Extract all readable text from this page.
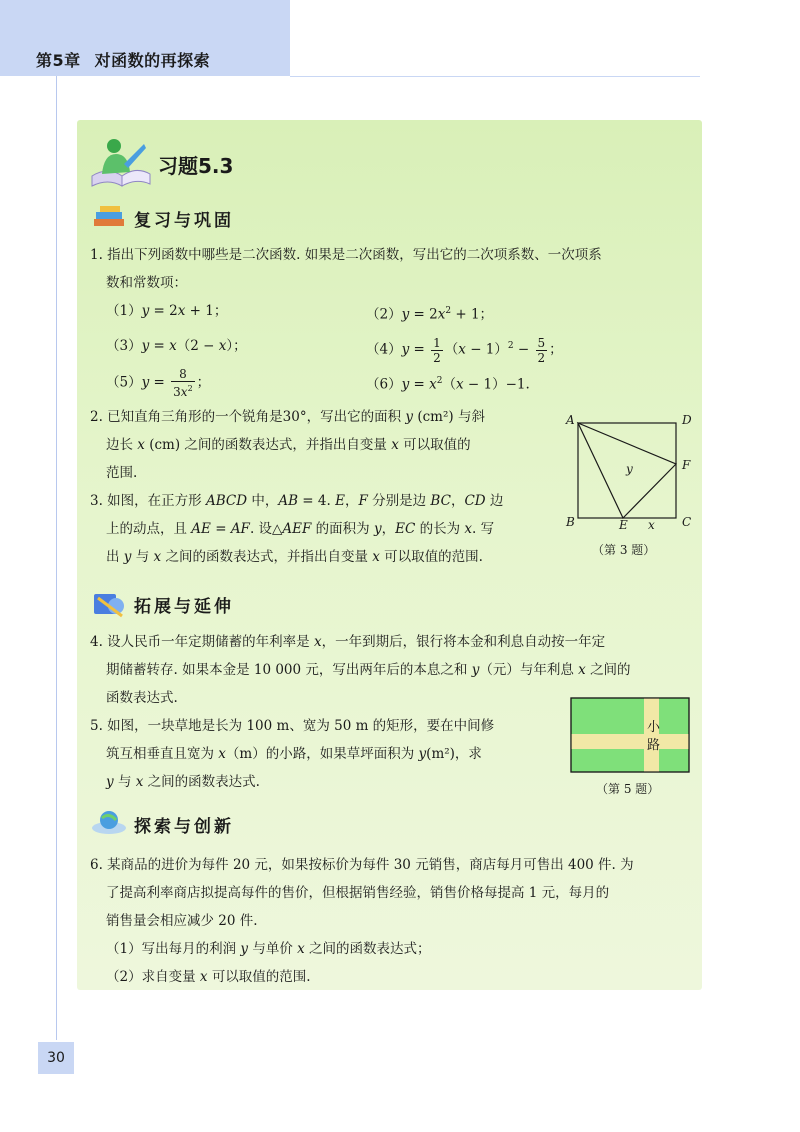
第5章 对函数的再探索
习题5.3
复习与巩固
1. 指出下列函数中哪些是二次函数. 如果是二次函数，写出它的二次项系数、一次项系
数和常数项：
（1）y = 2x + 1；	$(2)y = 2x^2 + 1$；
（3）y = x（2 − x）；	$(4)y = \frac{1}{2} (x - 1)^2 - \frac{5}{2}$ ；
$(5)y = \frac{8}{3x^2}$ ；	$(6)y = x^2(x - 1)-1$.
2. 已知直角三角形的一个锐角是30°，写出它的面积 y (cm²) 与斜
边长 x (cm) 之间的函数表达式，并指出自变量 x 可以取值的
范围.
3. 如图，在正方形 ABCD 中，AB = 4. E，F 分别是边 BC，CD 边
上的动点，且 AE = AF. 设△AEF 的面积为 y，EC 的长为 x. 写
出 y 与 x 之间的函数表达式，并指出自变量 x 可以取值的范围.
A	D
B	C
E
F
x
y
（第 3 题）
拓展与延伸
4. 设人民币一年定期储蓄的年利率是 x，一年到期后，银行将本金和利息自动按一年定
期储蓄转存. 如果本金是 10 000 元，写出两年后的本息之和 y（元）与年利息 x 之间的
函数表达式.
5. 如图，一块草地是长为 100 m、宽为 50 m 的矩形，要在中间修
筑互相垂直且宽为 x（m）的小路，如果草坪面积为 y(m²)，求
y 与 x 之间的函数表达式.
小
路
（第 5 题）
探索与创新
6. 某商品的进价为每件 20 元，如果按标价为每件 30 元销售，商店每月可售出 400 件. 为
了提高利率商店拟提高每件的售价，但根据销售经验，销售价格每提高 1 元，每月的
销售量会相应减少 20 件.
（1）写出每月的利润 y 与单价 x 之间的函数表达式；
（2）求自变量 x 可以取值的范围.
30
